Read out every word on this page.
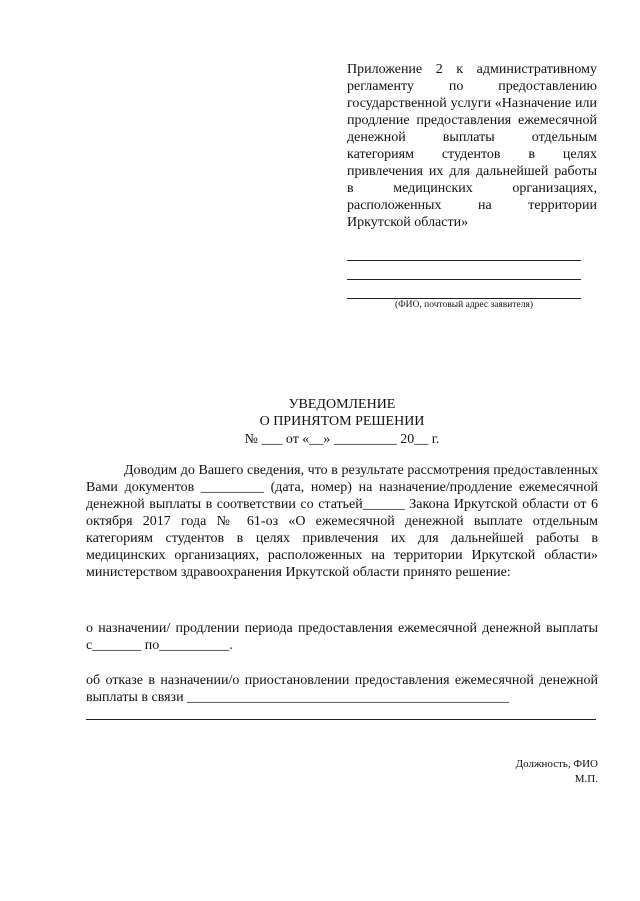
Приложение 2 к административному регламенту по предоставлению государственной услуги «Назначение или продление предоставления ежемесячной денежной выплаты отдельным категориям студентов в целях привлечения их для дальнейшей работы в медицинских организациях, расположенных на территории Иркутской области»
(ФИО, почтовый адрес заявителя)
УВЕДОМЛЕНИЕ
О ПРИНЯТОМ РЕШЕНИИ
№ ___ от «__» _________ 20__ г.
Доводим до Вашего сведения, что в результате рассмотрения предоставленных Вами документов _________ (дата, номер) на назначение/продление ежемесячной денежной выплаты в соответствии со статьей______ Закона Иркутской области от 6 октября 2017 года № 61-оз «О ежемесячной денежной выплате отдельным категориям студентов в целях привлечения их для дальнейшей работы в медицинских организациях, расположенных на территории Иркутской области» министерством здравоохранения Иркутской области принято решение:
о назначении/ продлении периода предоставления ежемесячной денежной выплаты с_______ по__________.
об отказе в назначении/о приостановлении предоставления ежемесячной денежной выплаты в связи ______________________________________________
Должность, ФИО
М.П.
